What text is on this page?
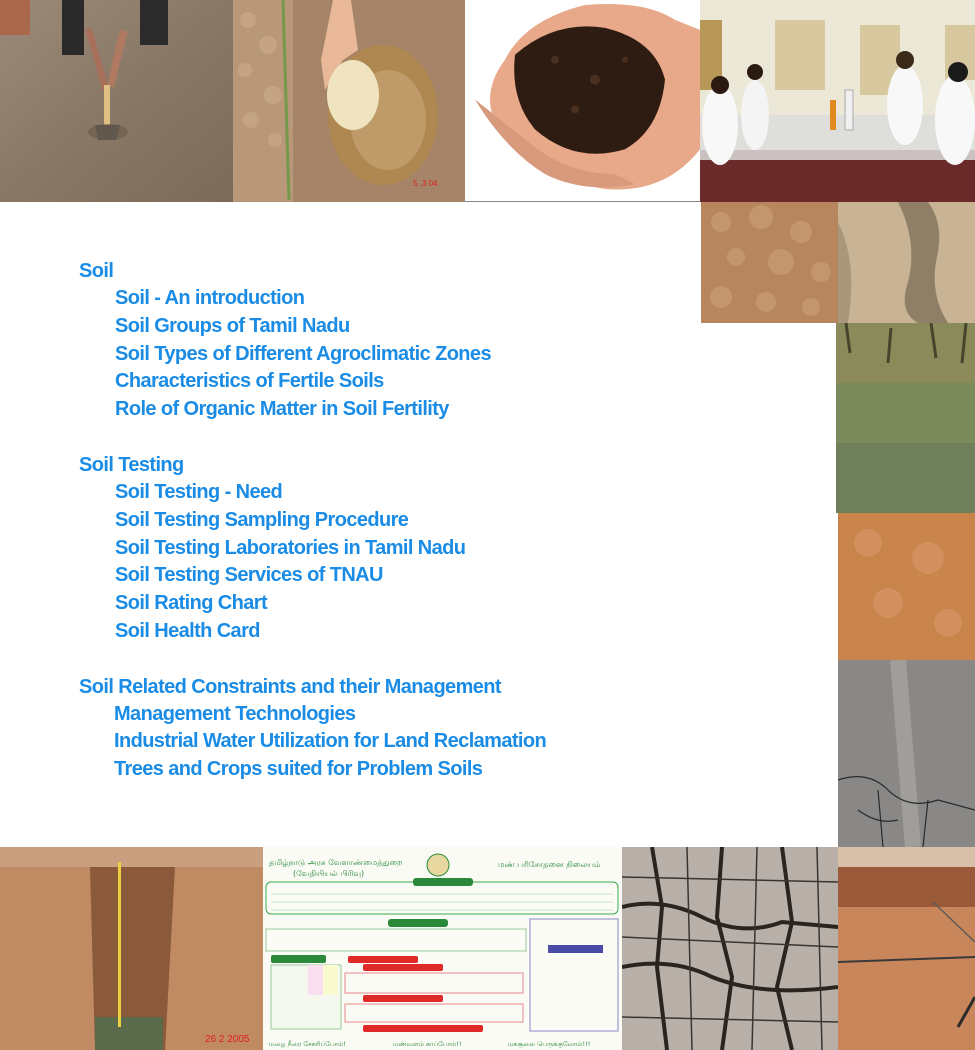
5 .3 04
26 2 2005
தமிழ்நாடு அரசு வேளாண்மைத்துறை
(வேதியியல் பிரிவு)
மண் பரிசோதனை நிலையம்
மழை நீரை சேகரிப்போம்!	மண்வளம் காப்போம்!!	மகசூலை பெருக்குவோம்!!!
Soil
Soil - An introduction
Soil Groups of Tamil Nadu
Soil Types of Different Agroclimatic Zones
Characteristics of Fertile Soils
Role of Organic Matter in Soil Fertility
Soil Testing
Soil Testing - Need
Soil Testing Sampling Procedure
Soil Testing Laboratories in Tamil Nadu
Soil Testing Services of TNAU
Soil Rating Chart
Soil Health Card
Soil Related Constraints and their Management
Management Technologies
Industrial Water Utilization for Land Reclamation
Trees and Crops suited for Problem Soils
